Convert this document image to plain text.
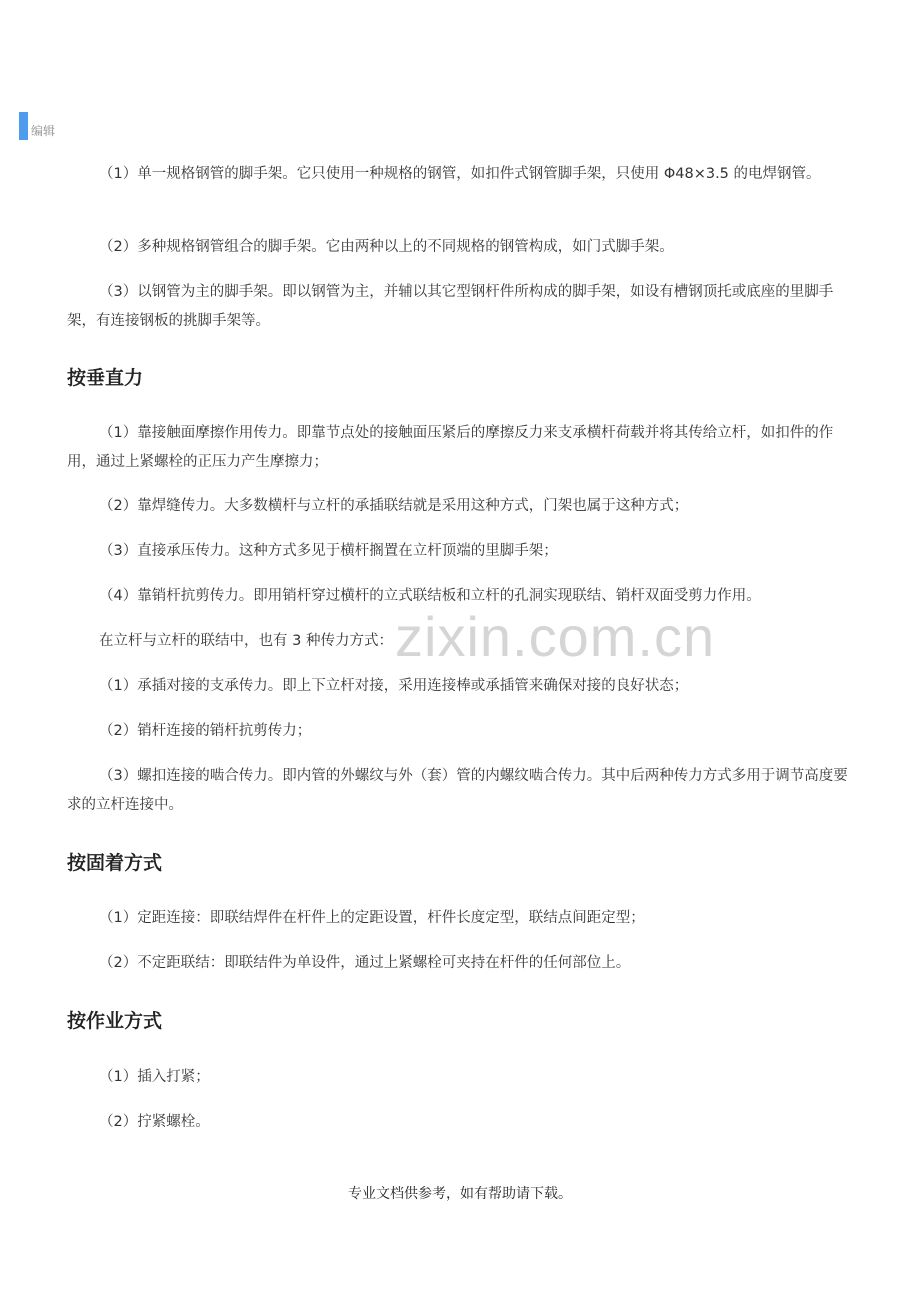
编辑
（1）单一规格钢管的脚手架。它只使用一种规格的钢管，如扣件式钢管脚手架，只使用 Φ48×3.5 的电焊钢管。
（2）多种规格钢管组合的脚手架。它由两种以上的不同规格的钢管构成，如门式脚手架。
（3）以钢管为主的脚手架。即以钢管为主，并辅以其它型钢杆件所构成的脚手架，如设有槽钢顶托或底座的里脚手架，有连接钢板的挑脚手架等。
按垂直力
（1）靠接触面摩擦作用传力。即靠节点处的接触面压紧后的摩擦反力来支承横杆荷载并将其传给立杆，如扣件的作用，通过上紧螺栓的正压力产生摩擦力；
（2）靠焊缝传力。大多数横杆与立杆的承插联结就是采用这种方式，门架也属于这种方式；
（3）直接承压传力。这种方式多见于横杆搁置在立杆顶端的里脚手架；
（4）靠销杆抗剪传力。即用销杆穿过横杆的立式联结板和立杆的孔洞实现联结、销杆双面受剪力作用。
在立杆与立杆的联结中，也有 3 种传力方式：
（1）承插对接的支承传力。即上下立杆对接，采用连接棒或承插管来确保对接的良好状态；
（2）销杆连接的销杆抗剪传力；
（3）螺扣连接的啮合传力。即内管的外螺纹与外（套）管的内螺纹啮合传力。其中后两种传力方式多用于调节高度要求的立杆连接中。
按固着方式
（1）定距连接：即联结焊件在杆件上的定距设置，杆件长度定型，联结点间距定型；
（2）不定距联结：即联结件为单设件，通过上紧螺栓可夹持在杆件的任何部位上。
按作业方式
（1）插入打紧；
（2）拧紧螺栓。
zixin.com.cn
专业文档供参考，如有帮助请下载。
